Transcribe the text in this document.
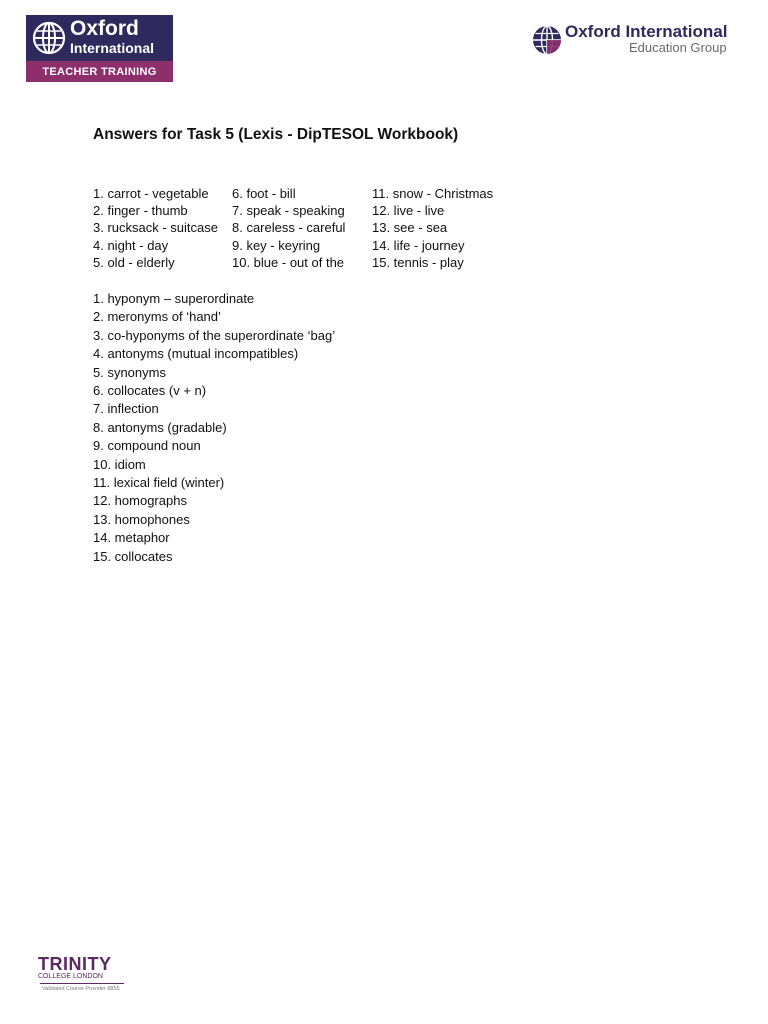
Oxford
International
TEACHER TRAINING
Oxford International
Education Group
Answers for Task 5 (Lexis - DipTESOL Workbook)
1. carrot - vegetable
2. finger - thumb
3. rucksack - suitcase
4. night - day
5. old - elderly
6. foot - bill
7. speak - speaking
8. careless - careful
9. key - keyring
10. blue - out of the
11. snow - Christmas
12. live - live
13. see - sea
14. life - journey
15. tennis - play
1. hyponym – superordinate
2. meronyms of ‘hand’
3. co-hyponyms of the superordinate ‘bag’
4. antonyms (mutual incompatibles)
5. synonyms
6. collocates (v + n)
7. inflection
8. antonyms (gradable)
9. compound noun
10. idiom
11. lexical field (winter)
12. homographs
13. homophones
14. metaphor
15. collocates
TRINITY
COLLEGE LONDON
Validated Course Provider 8855
